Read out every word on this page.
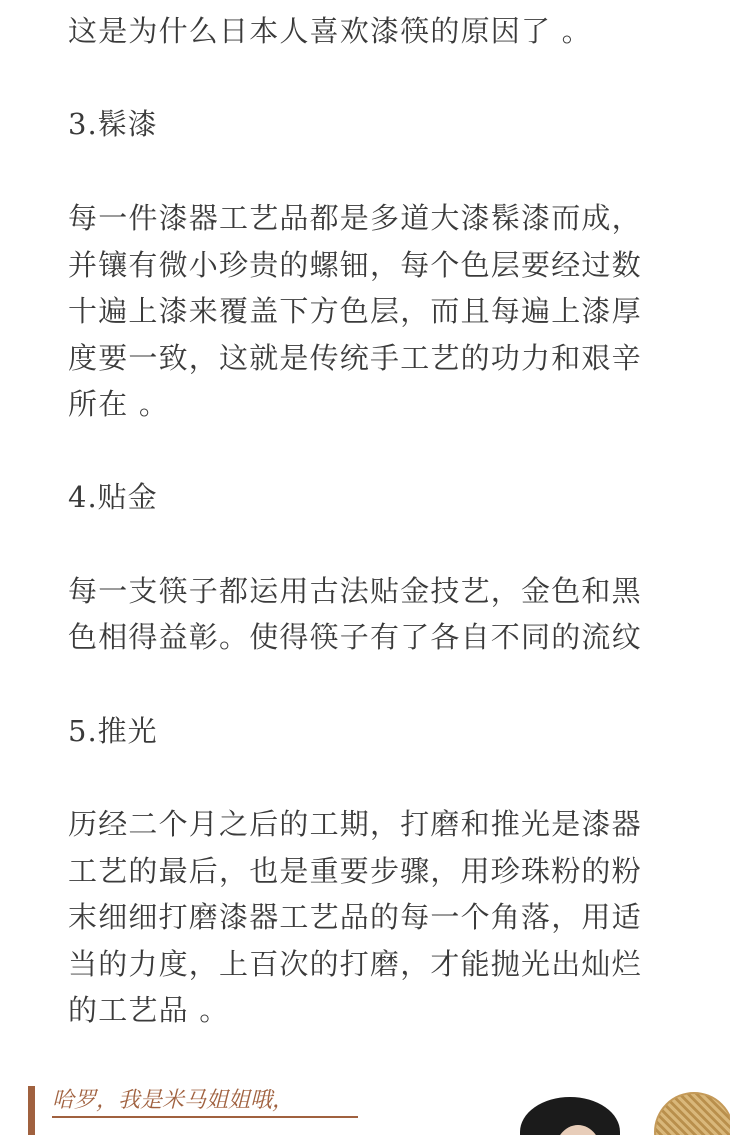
这是为什么日本人喜欢漆筷的原因了 。

3.髹漆

每一件漆器工艺品都是多道大漆髹漆而成，

并镶有微小珍贵的螺钿，每个色层要经过数

十遍上漆来覆盖下方色层，而且每遍上漆厚

度要一致，这就是传统手工艺的功力和艰辛

所在 。

4.贴金

每一支筷子都运用古法贴金技艺，金色和黑

色相得益彰。使得筷子有了各自不同的流纹

5.推光

历经二个月之后的工期，打磨和推光是漆器

工艺的最后，也是重要步骤，用珍珠粉的粉

末细细打磨漆器工艺品的每一个角落，用适

当的力度，上百次的打磨，才能抛光出灿烂

的工艺品 。

哈罗，我是米马姐姐哦，
